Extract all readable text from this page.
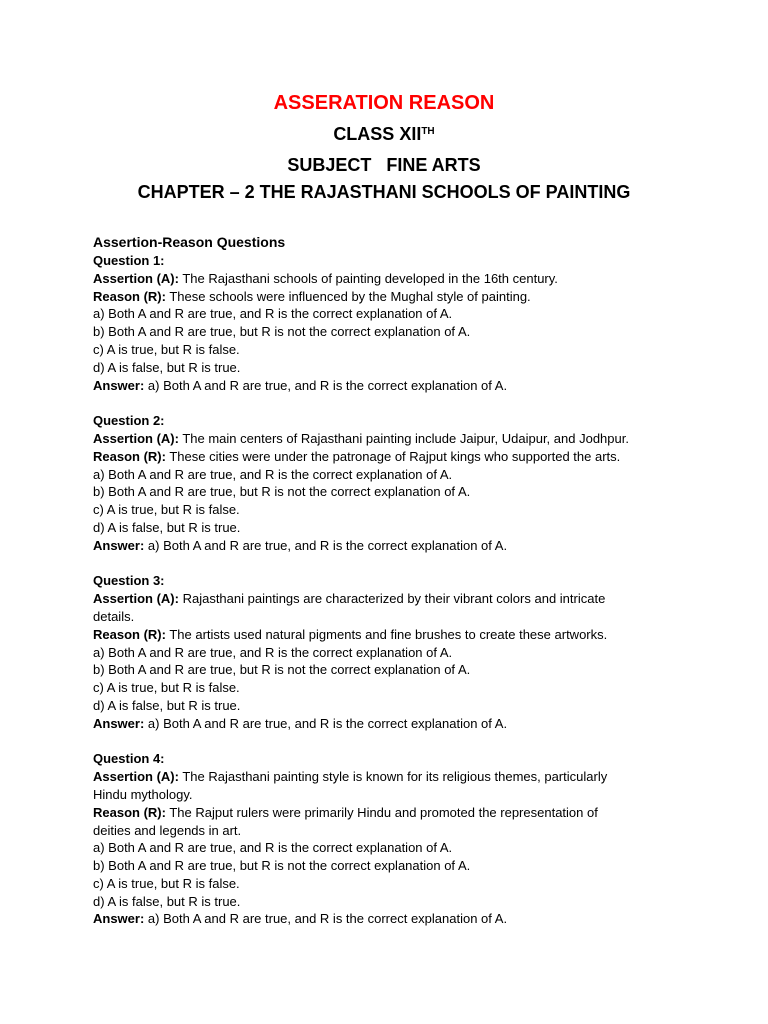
ASSERATION REASON
CLASS XIITH
SUBJECT   FINE ARTS
CHAPTER – 2 THE RAJASTHANI SCHOOLS OF PAINTING
Assertion-Reason Questions
Question 1:
Assertion (A): The Rajasthani schools of painting developed in the 16th century.
Reason (R): These schools were influenced by the Mughal style of painting.
a) Both A and R are true, and R is the correct explanation of A.
b) Both A and R are true, but R is not the correct explanation of A.
c) A is true, but R is false.
d) A is false, but R is true.
Answer: a) Both A and R are true, and R is the correct explanation of A.
Question 2:
Assertion (A): The main centers of Rajasthani painting include Jaipur, Udaipur, and Jodhpur.
Reason (R): These cities were under the patronage of Rajput kings who supported the arts.
a) Both A and R are true, and R is the correct explanation of A.
b) Both A and R are true, but R is not the correct explanation of A.
c) A is true, but R is false.
d) A is false, but R is true.
Answer: a) Both A and R are true, and R is the correct explanation of A.
Question 3:
Assertion (A): Rajasthani paintings are characterized by their vibrant colors and intricate
details.
Reason (R): The artists used natural pigments and fine brushes to create these artworks.
a) Both A and R are true, and R is the correct explanation of A.
b) Both A and R are true, but R is not the correct explanation of A.
c) A is true, but R is false.
d) A is false, but R is true.
Answer: a) Both A and R are true, and R is the correct explanation of A.
Question 4:
Assertion (A): The Rajasthani painting style is known for its religious themes, particularly
Hindu mythology.
Reason (R): The Rajput rulers were primarily Hindu and promoted the representation of
deities and legends in art.
a) Both A and R are true, and R is the correct explanation of A.
b) Both A and R are true, but R is not the correct explanation of A.
c) A is true, but R is false.
d) A is false, but R is true.
Answer: a) Both A and R are true, and R is the correct explanation of A.
